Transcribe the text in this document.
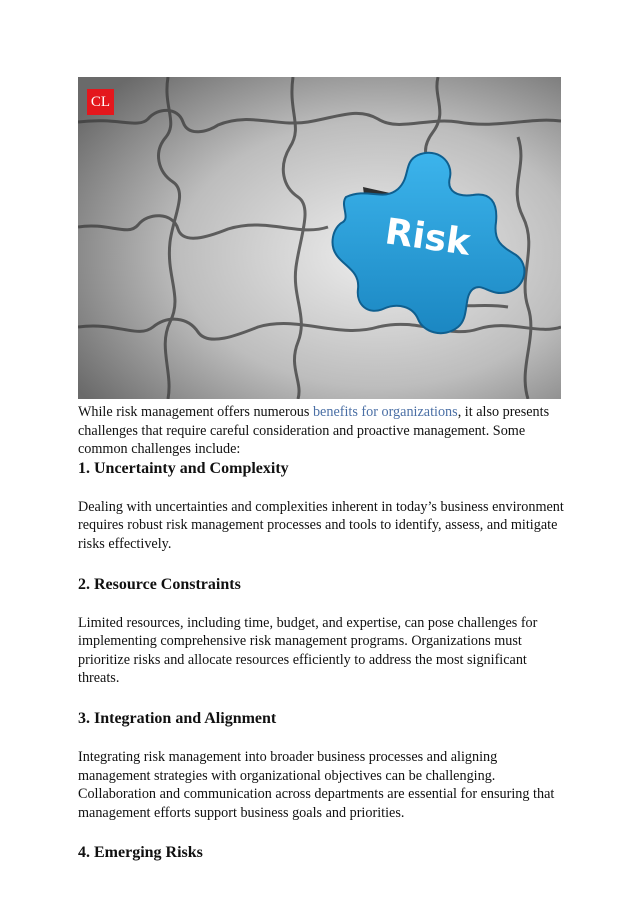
Risk
CL

While risk management offers numerous benefits for organizations, it also presents challenges that require careful consideration and proactive management. Some common challenges include:

1. Uncertainty and Complexity

Dealing with uncertainties and complexities inherent in today’s business environment requires robust risk management processes and tools to identify, assess, and mitigate risks effectively.

2. Resource Constraints

Limited resources, including time, budget, and expertise, can pose challenges for implementing comprehensive risk management programs. Organizations must prioritize risks and allocate resources efficiently to address the most significant threats.

3. Integration and Alignment

Integrating risk management into broader business processes and aligning management strategies with organizational objectives can be challenging. Collaboration and communication across departments are essential for ensuring that management efforts support business goals and priorities.

4. Emerging Risks
